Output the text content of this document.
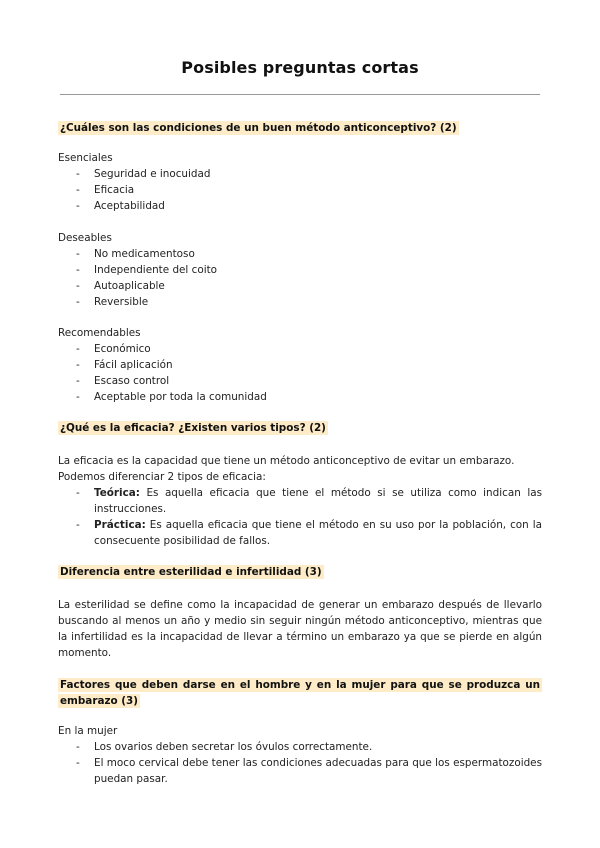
Posibles preguntas cortas
¿Cuáles son las condiciones de un buen método anticonceptivo? (2)
Esenciales
- Seguridad e inocuidad
- Eficacia
- Aceptabilidad
Deseables
- No medicamentoso
- Independiente del coito
- Autoaplicable
- Reversible
Recomendables
- Económico
- Fácil aplicación
- Escaso control
- Aceptable por toda la comunidad
¿Qué es la eficacia? ¿Existen varios tipos? (2)
La eficacia es la capacidad que tiene un método anticonceptivo de evitar un embarazo.
Podemos diferenciar 2 tipos de eficacia:
- Teórica: Es aquella eficacia que tiene el método si se utiliza como indican las instrucciones.
- Práctica: Es aquella eficacia que tiene el método en su uso por la población, con la consecuente posibilidad de fallos.
Diferencia entre esterilidad e infertilidad (3)
La esterilidad se define como la incapacidad de generar un embarazo después de llevarlo buscando al menos un año y medio sin seguir ningún método anticonceptivo, mientras que la infertilidad es la incapacidad de llevar a término un embarazo ya que se pierde en algún momento.
Factores que deben darse en el hombre y en la mujer para que se produzca un embarazo (3)
En la mujer
- Los ovarios deben secretar los óvulos correctamente.
- El moco cervical debe tener las condiciones adecuadas para que los espermatozoides puedan pasar.
